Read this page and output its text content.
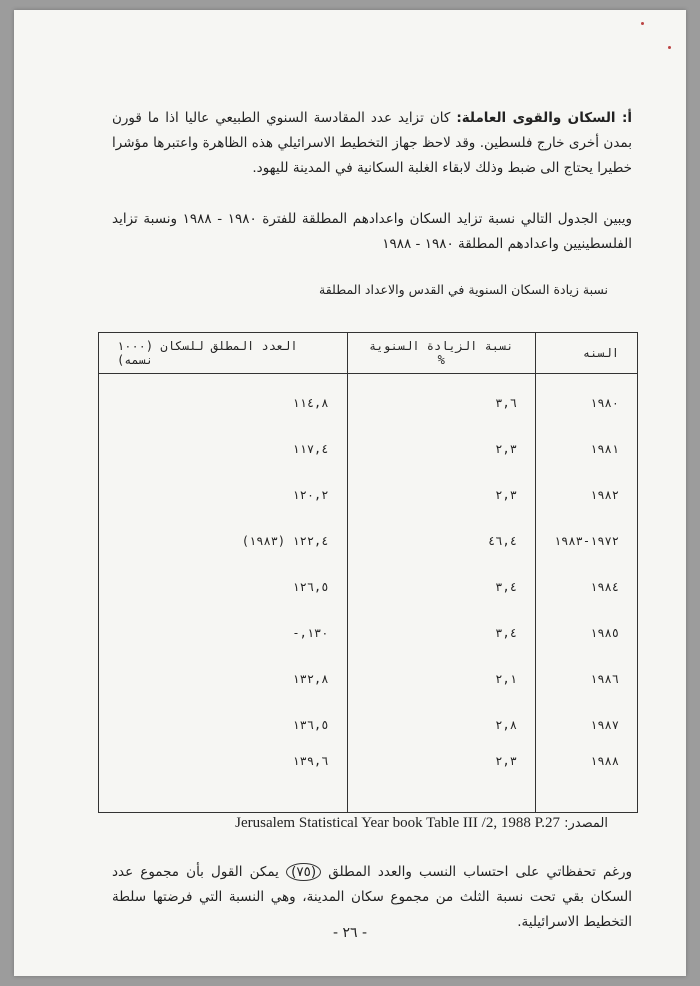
أ: السكان والقوى العاملة: كان تزايد عدد المقادسة السنوي الطبيعي عاليا اذا ما قورن بمدن أخرى خارج فلسطين. وقد لاحظ جهاز التخطيط الاسرائيلي هذه الظاهرة واعتبرها مؤشرا خطيرا يحتاج الى ضبط وذلك لابقاء الغلبة السكانية في المدينة لليهود.
ويبين الجدول التالي نسبة تزايد السكان واعدادهم المطلقة للفترة ١٩٨٠ - ١٩٨٨ ونسبة تزايد الفلسطينيين واعدادهم المطلقة ١٩٨٠ - ١٩٨٨
نسبة زيادة السكان السنوية في القدس والاعداد المطلقة
السنه	نسبة الزيادة السنوية %	العدد المطلق للسكان (١٠٠٠ نسمه)
١٩٨٠	٣,٦	١١٤,٨
١٩٨١	٢,٣	١١٧,٤
١٩٨٢	٢,٣	١٢٠,٢
١٩٧٢-١٩٨٣	٤٦,٤	١٢٢,٤ (١٩٨٣)
١٩٨٤	٣,٤	١٢٦,٥
١٩٨٥	٣,٤	١٣٠,-
١٩٨٦	٢,١	١٣٢,٨
١٩٨٧	٢,٨	١٣٦,٥
١٩٨٨	٢,٣	١٣٩,٦
المصدر: Jerusalem Statistical Year book Table III /2, 1988 P.27
ورغم تحفظاتي على احتساب النسب والعدد المطلق (٧٥) يمكن القول بأن مجموع عدد السكان بقي تحت نسبة الثلث من مجموع سكان المدينة، وهي النسبة التي فرضتها سلطة التخطيط الاسرائيلية.
- ٢٦ -
